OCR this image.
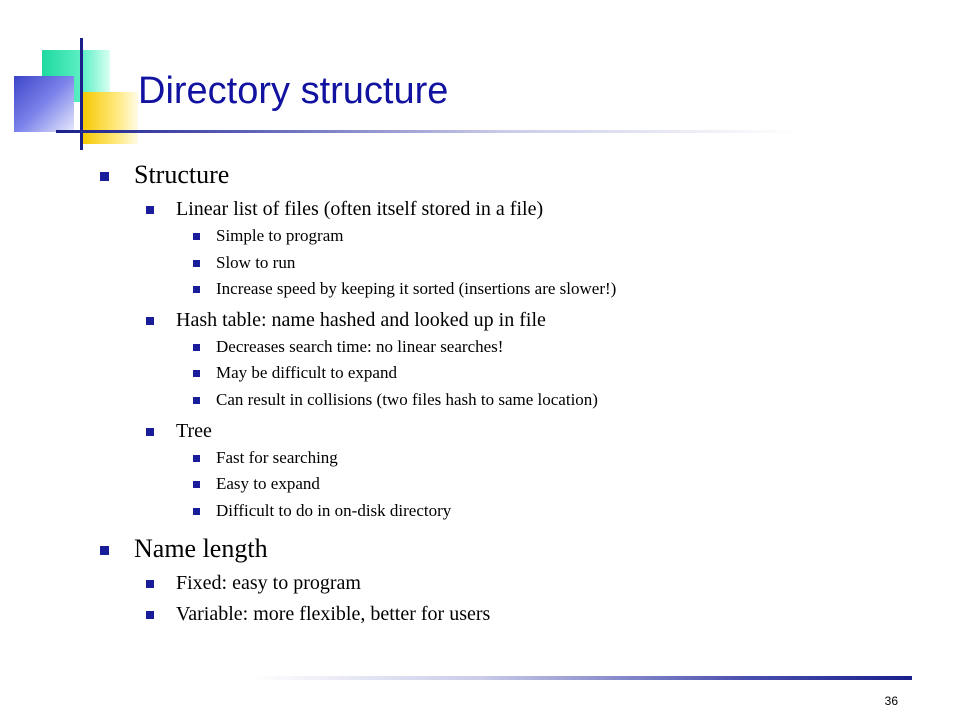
Directory structure
Structure
Linear list of files (often itself stored in a file)
Simple to program
Slow to run
Increase speed by keeping it sorted (insertions are slower!)
Hash table: name hashed and looked up in file
Decreases search time: no linear searches!
May be difficult to expand
Can result in collisions (two files hash to same location)
Tree
Fast for searching
Easy to expand
Difficult to do in on-disk directory
Name length
Fixed: easy to program
Variable: more flexible, better for users
36
